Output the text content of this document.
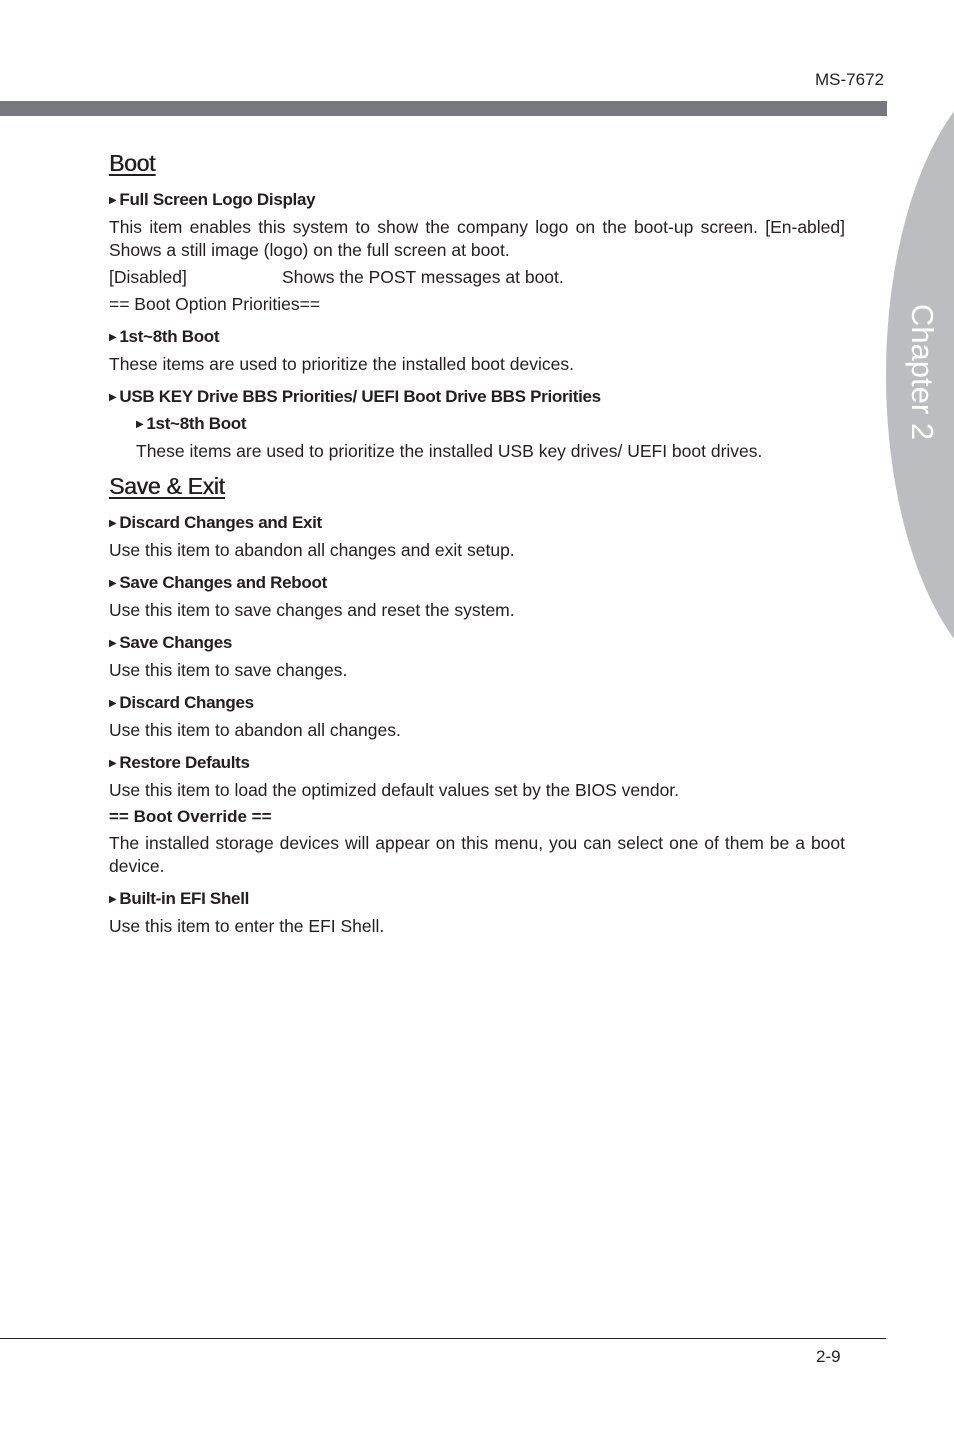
MS-7672
Chapter 2
Boot
▶ Full Screen Logo Display
This item enables this system to show the company logo on the boot-up screen. [En-abled] Shows a still image (logo) on the full screen at boot.
[Disabled]	Shows the POST messages at boot.
== Boot Option Priorities==
▶ 1st~8th Boot
These items are used to prioritize the installed boot devices.
▶ USB KEY Drive BBS Priorities/ UEFI Boot Drive BBS Priorities
▶ 1st~8th Boot
These items are used to prioritize the installed USB key drives/ UEFI boot drives.
Save & Exit
▶ Discard Changes and Exit
Use this item to abandon all changes and exit setup.
▶ Save Changes and Reboot
Use this item to save changes and reset the system.
▶ Save Changes
Use this item to save changes.
▶ Discard Changes
Use this item to abandon all changes.
▶ Restore Defaults
Use this item to load the optimized default values set by the BIOS vendor.
== Boot Override ==
The installed storage devices will appear on this menu, you can select one of them be a boot device.
▶ Built-in EFI Shell
Use this item to enter the EFI Shell.
2-9
